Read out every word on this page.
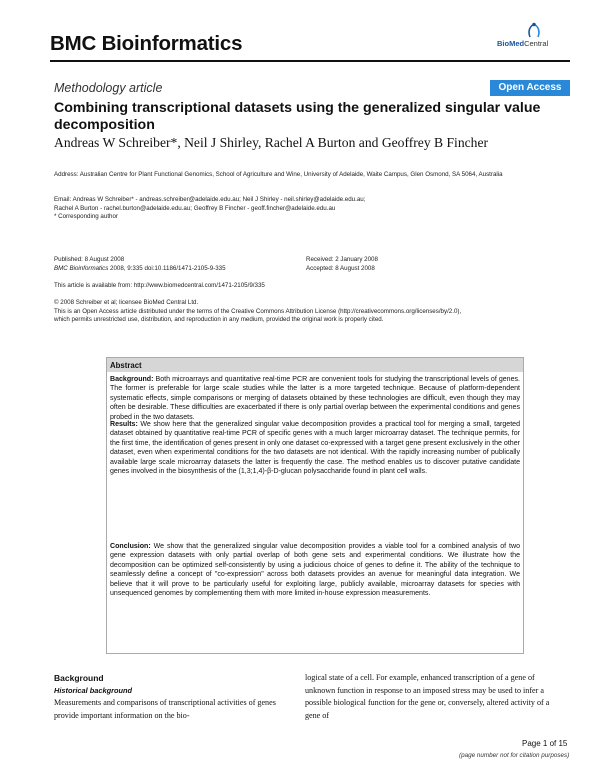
BMC Bioinformatics	BioMedCentral
Methodology article	Open Access
Combining transcriptional datasets using the generalized singular value decomposition
Andreas W Schreiber*, Neil J Shirley, Rachel A Burton and Geoffrey B Fincher
Address: Australian Centre for Plant Functional Genomics, School of Agriculture and Wine, University of Adelaide, Waite Campus, Glen Osmond, SA 5064, Australia
Email: Andreas W Schreiber* - andreas.schreiber@adelaide.edu.au; Neil J Shirley - neil.shirley@adelaide.edu.au;
Rachel A Burton - rachel.burton@adelaide.edu.au; Geoffrey B Fincher - geoff.fincher@adelaide.edu.au
* Corresponding author
Published: 8 August 2008
BMC Bioinformatics 2008, 9:335 doi:10.1186/1471-2105-9-335
Received: 2 January 2008
Accepted: 8 August 2008
This article is available from: http://www.biomedcentral.com/1471-2105/9/335
© 2008 Schreiber et al; licensee BioMed Central Ltd.
This is an Open Access article distributed under the terms of the Creative Commons Attribution License (http://creativecommons.org/licenses/by/2.0),
which permits unrestricted use, distribution, and reproduction in any medium, provided the original work is properly cited.
Abstract
Background: Both microarrays and quantitative real-time PCR are convenient tools for studying the transcriptional levels of genes. The former is preferable for large scale studies while the latter is a more targeted technique. Because of platform-dependent systematic effects, simple comparisons or merging of datasets obtained by these technologies are difficult, even though they may often be desirable. These difficulties are exacerbated if there is only partial overlap between the experimental conditions and genes probed in the two datasets.
Results: We show here that the generalized singular value decomposition provides a practical tool for merging a small, targeted dataset obtained by quantitative real-time PCR of specific genes with a much larger microarray dataset. The technique permits, for the first time, the identification of genes present in only one dataset co-expressed with a target gene present exclusively in the other dataset, even when experimental conditions for the two datasets are not identical. With the rapidly increasing number of publically available large scale microarray datasets the latter is frequently the case. The method enables us to discover putative candidate genes involved in the biosynthesis of the (1,3;1,4)-β-D-glucan polysaccharide found in plant cell walls.
Conclusion: We show that the generalized singular value decomposition provides a viable tool for a combined analysis of two gene expression datasets with only partial overlap of both gene sets and experimental conditions. We illustrate how the decomposition can be optimized self-consistently by using a judicious choice of genes to define it. The ability of the technique to seamlessly define a concept of "co-expression" across both datasets provides an avenue for meaningful data integration. We believe that it will prove to be particularly useful for exploiting large, publicly available, microarray datasets for species with unsequenced genomes by complementing them with more limited in-house expression measurements.
Background
Historical background
Measurements and comparisons of transcriptional activities of genes provide important information on the bio-
logical state of a cell. For example, enhanced transcription of a gene of unknown function in response to an imposed stress may be used to infer a possible biological function for the gene or, conversely, altered activity of a gene of
Page 1 of 15
(page number not for citation purposes)
